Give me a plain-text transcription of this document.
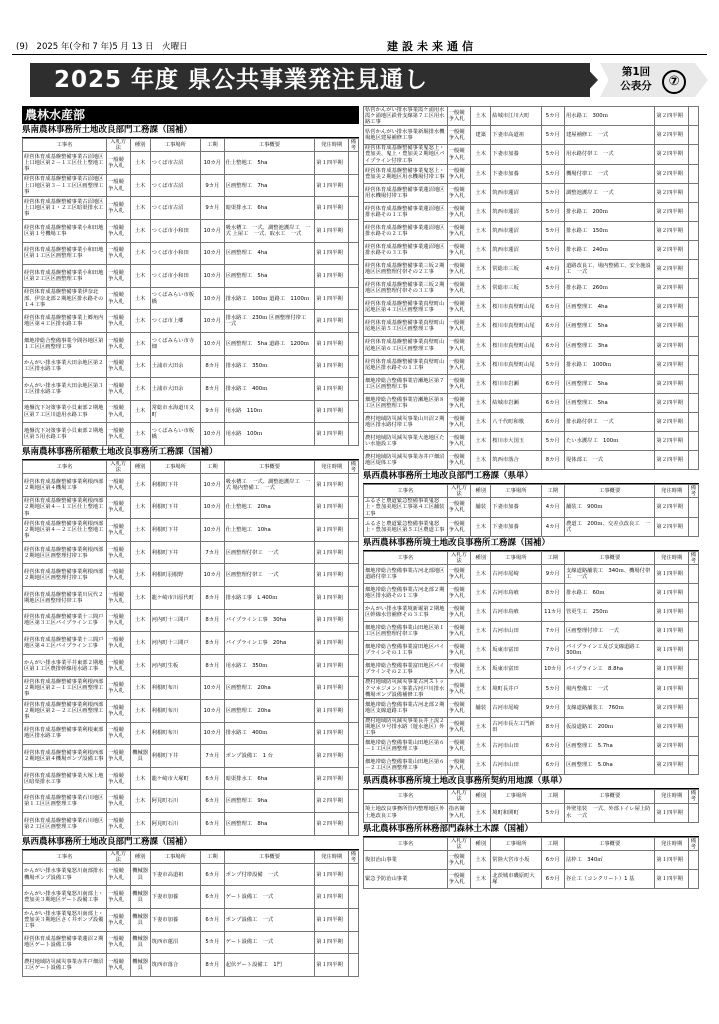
(9)　2025 年(令和 7 年)5 月 13 日　火曜日	建設未来通信
2025 年度 県公共事業発注見通し	第1回
公表分	⑦
農林水産部
県南農林事務所土地改良部門工務課（国補）
工事名	入札方法	種別	工事場所	工期	工事概要	発注時期	備考
経営体育成基盤整備事業古沼地区上口地区第２－１工区仕上整地工事	一般競争入札	土木	つくば市古沼	10カ月	仕上整地工　5ha	第１四半期	
経営体育成基盤整備事業古沼地区上口地区第３－１工区区画整理工事	一般競争入札	土木	つくば市古沼	9カ月	区画整理工　7ha	第１四半期	
経営体育成基盤整備事業古沼地区上口地区第１・２工区暗渠排水工事	一般競争入札	土木	つくば市古沼	9カ月	暗渠排水工　6ha	第１四半期	
経営体育成基盤整備事業小和田地区第１号機場工事	一般競争入札	土木	つくば市小和田	10カ月	吸水槽工　一式、調整池護岸工　一式 上屋工　一式、取水工　一式	第１四半期	
経営体育成基盤整備事業小和田地区第１工区区画整理工事	一般競争入札	土木	つくば市小和田	10カ月	区画整理工　4ha	第１四半期	
経営体育成基盤整備事業小和田地区第２工区区画整理工事	一般競争入札	土木	つくば市小和田	10カ月	区画整理工　5ha	第１四半期	
経営体育成基盤整備事業伊奈北部、伊奈北部２期地区排水路その１４工事	一般競争入札	土木	つくばみらい市板橋	10カ月	排水路工　100ｍ 道路工　1100ｍ	第１四半期	
経営体育成基盤整備事業上郷角内地区第４工区排水路工事	一般競争入札	土木	つくば市上郷	10カ月	排水路工　230ｍ 区画整理付帯工　一式	第１四半期	
畑地帯総合整備事業今間谷地区第１工区区画整理工事	一般競争入札	土木	つくばみらい市寺畑	10カ月	区画整理工　5ha 道路工　1200ｍ	第１四半期	
かんがい排水事業大田余地区第２工区排水路工事	一般競争入札	土木	土浦市大田余	8カ月	排水路工　350ｍ	第１四半期	
かんがい排水事業大田余地区第３工区排水路工事	一般競争入札	土木	土浦市大田余	8カ月	排水路工　400ｍ	第１四半期	
地盤沈下対策事業小貝東部２期地区第７工区川道用水路工事	一般競争入札	土木	常総市水海道川又町	9カ月	用水路　110ｍ	第１四半期	
地盤沈下対策事業小貝東部２期地区第５用水路工事	一般競争入札	土木	つくばみらい市板橋	10カ月	用水路　100ｍ	第１四半期	
県南農林事務所稲敷土地改良事務所工務課（国補）
工事名	入札方法	種別	工事場所	工期	工事概要	発注時期	備考
経営体育成基盤整備事業利根西部２期地区第４機場工事	一般競争入札	土木	利根町下井	10カ月	吸水槽工　一式、調整池護岸工　一式 場内整備工　一式	第１四半期	
経営体育成基盤整備事業利根西部２期地区第４－１工区仕上整地工事	一般競争入札	土木	利根町下井	10カ月	仕上整地工　20ha	第１四半期	
経営体育成基盤整備事業利根西部２期地区第４－２工区仕上整地工事	一般競争入札	土木	利根町下井	10カ月	仕上整地工　10ha	第１四半期	
経営体育成基盤整備事業利根西部２期地区区画整理付帯工事	一般競争入札	土木	利根町下井	7カ月	区画整理付帯工　一式	第１四半期	
経営体育成基盤整備事業利根西部２期地区区画整理付帯工事	一般競争入札	土木	利根町羽根野	10カ月	区画整理付帯工　一式	第１四半期	
経営体育成基盤整備事業川尻代２期地区区画整理付帯工事	一般競争入札	土木	龍ケ崎市川原代町	8カ月	排水路工事　L 400ｍ	第１四半期	
経営体育成基盤整備事業十三間戸地区第３工区パイプライン工事	一般競争入札	土木	河内町十三間戸	8カ月	パイプライン工事　30ha	第１四半期	
経営体育成基盤整備事業十三間戸地区第４工区パイプライン工事	一般競争入札	土木	河内町十三間戸	8カ月	パイプライン工事　20ha	第１四半期	
かんがい排水事業平井東部２期地区第１工区農排幹線用水路工事	一般競争入札	土木	河内町生板	8カ月	用水路工　350ｍ	第１四半期	
経営体育成基盤整備事業利根西部２期地区第２－１工区区画整理工事	一般競争入札	土木	利根町布川	10カ月	区画整理工　20ha	第１四半期	
経営体育成基盤整備事業利根西部２期地区第２－２工区区画整理工事	一般競争入札	土木	利根町布川	10カ月	区画整理工　20ha	第１四半期	
経営体育成基盤整備事業利根東部地区排水路工事	一般競争入札	土木	利根町布川	10カ月	排水路工　400ｍ	第１四半期	
経営体育成基盤整備事業利根西部２期地区第４機場ポンプ設備工事	一般競争入札	機械器具	利根町下井	7カ月	ポンプ設備工　1 台	第２四半期	
経営体育成基盤整備事業大塚上地区暗渠排水工事	一般競争入札	土木	龍ケ崎市大塚町	6カ月	暗渠排水工　6ha	第２四半期	
経営体育成基盤整備事業石川地区第１工区区画整理工事	一般競争入札	土木	阿見町石川	6カ月	区画整理工　9ha	第２四半期	
経営体育成基盤整備事業石川地区第２工区区画整理工事	一般競争入札	土木	阿見町石川	6カ月	区画整理工　8ha	第２四半期	
県西農林事務所土地改良部門工務課（国補）
工事名	入札方法	種別	工事場所	工期	工事概要	発注時期	備考
かんがい排水事業鬼怒川南部排水機場ポンプ設備工事	一般競争入札	機械器具	下妻市高道祖	6カ月	ポンプ付帯設備　一式	第１四半期	
かんがい排水事業鬼怒川南部上・豊加美３期地区ゲート設備工事	一般競争入札	機械器具	下妻市加養	6カ月	ゲート設備工　一式	第１四半期	
かんがい排水事業鬼怒川南部上・豊加美３期地区さく井ポンプ設備工事	一般競争入札	機械器具	下妻市加養	6カ月	ポンプ設備工　一式	第１四半期	
経営体育成基盤整備事業蓮沼２期地区ゲート設備工事	一般競争入札	機械器具	筑西市蓮沼	5カ月	ゲート設備工　一式	第１四半期	
農村地域防災減災事業赤井戸畑沼工区ゲート設備工事	一般競争入札	機械器具	筑西市落合	8カ月	起伏ゲート設備工　1門	第１四半期	
県営かんがい排水事業霞ケ浦用水霞ケ浦地区鉄骨支線第７工区用水路工事	一般競争入札	土木	結城市江川大町	5カ月	用水路工　300ｍ	第２四半期	
県営かんがい排水事業新堀排水機場地区建屋補修工事	一般競争入札	建築	下妻市高道祖	5カ月	建屋補修工　一式	第２四半期	
経営体育成基盤整備事業鬼怒上・豊加美、鬼上・豊加美２期地区パイプライン付帯工事	一般競争入札	土木	下妻市加養	5カ月	用水路付帯工　一式	第２四半期	
経営体育成基盤整備事業鬼怒上・豊加美２期地区用水機場付帯工事	一般競争入札	土木	下妻市加養	5カ月	機場付帯工　一式	第２四半期	
経営体育成基盤整備事業蓮沼地区用水機場付帯工事	一般競争入札	土木	筑西市蓮沼	5カ月	調整池護岸工　一式	第２四半期	
経営体育成基盤整備事業蓮沼地区排水路その１工事	一般競争入札	土木	筑西市蓮沼	5カ月	排水路工　200ｍ	第２四半期	
経営体育成基盤整備事業蓮沼地区排水路その２工事	一般競争入札	土木	筑西市蓮沼	5カ月	排水路工　150ｍ	第２四半期	
経営体育成基盤整備事業蓮沼地区排水路その３工事	一般競争入札	土木	筑西市蓮沼	5カ月	排水路工　240ｍ	第２四半期	
経営体育成基盤整備事業三坂２期地区区画整理付帯その２工事	一般競争入札	土木	常総市三坂	4カ月	道路改良工、場内整備工、安全施設工　一式	第２四半期	
経営体育成基盤整備事業三坂２期地区区画整理付帯その３工事	一般競争入札	土木	常総市三坂	5カ月	排水路工　260ｍ	第２四半期	
経営体育成基盤整備事業真壁町山尾地区第４工区区画整理工事	一般競争入札	土木	桜川市真壁町山尾	6カ月	区画整理工　4ha	第２四半期	
経営体育成基盤整備事業真壁町山尾地区第５工区区画整理工事	一般競争入札	土木	桜川市真壁町山尾	6カ月	区画整理工　5ha	第２四半期	
経営体育成基盤整備事業真壁町山尾地区第６工区区画整理工事	一般競争入札	土木	桜川市真壁町山尾	6カ月	区画整理工　3ha	第２四半期	
経営体育成基盤整備事業真壁町山尾地区排水路その１工事	一般競争入札	土木	桜川市真壁町山尾	5カ月	排水路工　1000ｍ	第２四半期	
畑地帯総合整備事業岩瀬地区第７工区区画整理工事	一般競争入札	土木	桜川市岩瀬	6カ月	区画整理工　5ha	第２四半期	
畑地帯総合整備事業岩瀬地区第８工区区画整理工事	一般競争入札	土木	結城市岩瀬	6カ月	区画整理工　5ha	第２四半期	
農村地域防災減災事業山川沼２期地区排水路付帯工事	一般競争入札	土木	八千代町和歌	6カ月	排水路付帯工　一式	第２四半期	
農村地域防災減災事業大池地区たい水施設工事	一般競争入札	土木	桜川市大国玉	5カ月	たい水護岸工　100ｍ	第２四半期	
農村地域防災減災事業赤井戸畑沼地区堤体工事	一般競争入札	土木	筑西市落合	8カ月	堤体部工　一式	第２四半期	
県西農林事務所土地改良部門工務課（県単）
工事名	入札方法	種別	工事場所	工期	工事概要	発注時期	備考
ふるさと農道緊急整備事業鬼怒上・豊加美地区工事第４工区舗装工事	一般競争入札	舗装	下妻市加養	4カ月	舗装工　900ｍ	第２四半期	
ふるさと農道緊急整備事業鬼怒上・豊加美地区第５工区農道工事	一般競争入札	土木	下妻市加養	4カ月	農道工　200ｍ、交差点改良工　一式	第２四半期	
県西農林事務所境土地改良事務所工務課（国補）
工事名	入札方法	種別	工事場所	工期	工事概要	発注時期	備考
畑地帯総合整備事業古河北部地区道路付帯工事	一般競争入札	土木	古河市尾崎	9カ月	支線道路舗装工　340ｍ、機場付帯工　一式	第１四半期	
畑地帯総合整備事業古河北部２期地区排水路その１工事	一般競争入札	土木	古河市鳥喰	8カ月	排水路工　60ｍ	第１四半期	
かんがい排水事業境新堀第２期地区幹線水管補修その３工事	一般競争入札	土木	古河市鳥喰	11カ月	管更生工　250ｍ	第１四半期	
畑地帯総合整備事業山田地区第１工区区画整理付帯工事	一般競争入札	土木	古河市山田	7カ月	区画整理付帯工　一式	第１四半期	
畑地帯総合整備事業富田地区パイプラインその１工事	一般競争入札	土木	坂東市富田	7カ月	パイプライン工及び支線道路工　300ｍ	第１四半期	
畑地帯総合整備事業富田地区パイプラインその２工事	一般競争入札	土木	坂東市富田	10カ月	パイプライン工　8.8ha	第１四半期	
農村地域防災減災事業古河ストックマネジメント事業古河戸川排水機場ポンプ設備補修工事	一般競争入札	土木	境町長井戸	5カ月	場内整備工　一式	第１四半期	
畑地帯総合整備事業古河北部２期地区支線道路工事	一般競争入札	舗装	古河市尾崎	9カ月	支線道路舗装工　760ｍ	第２四半期	
農村地域防災減災事業長井上流２期地区９号排水路（遊水池区）外工事	一般競争入札	土木	古河市長左工門新田	8カ月	仮設道路工　200ｍ	第２四半期	
畑地帯総合整備事業山田地区第６－１工区区画整理工事	一般競争入札	土木	古河市山田	6カ月	区画整理工　5.7ha	第２四半期	
畑地帯総合整備事業山田地区第６－２工区区画整理工事	一般競争入札	土木	古河市山田	6カ月	区画整理工　5.0ha	第２四半期	
県西農林事務所境土地改良事務所契約用地課（県単）
工事名	入札方法	種別	工事場所	工期	工事概要	発注時期	備考
境土地改良事務所管内整理地区外土地改良工事	指名競争入札	土木	境町和関町	5カ月	外壁塗装　一式、外部トイレ屋上防水　一式	第１四半期	
県北農林事務所林務部門森林土木課（国補）
工事名	入札方法	種別	工事場所	工期	工事概要	発注時期	備考
復旧治山事業	一般競争入札	土木	常陸大宮市小坂	6カ月	法枠工　340㎡	第１四半期	
緊急予防治山事業	一般競争入札	土木	北茨城市磯原町大塚	6カ月	谷止工（コンクリート）1 基	第１四半期	
